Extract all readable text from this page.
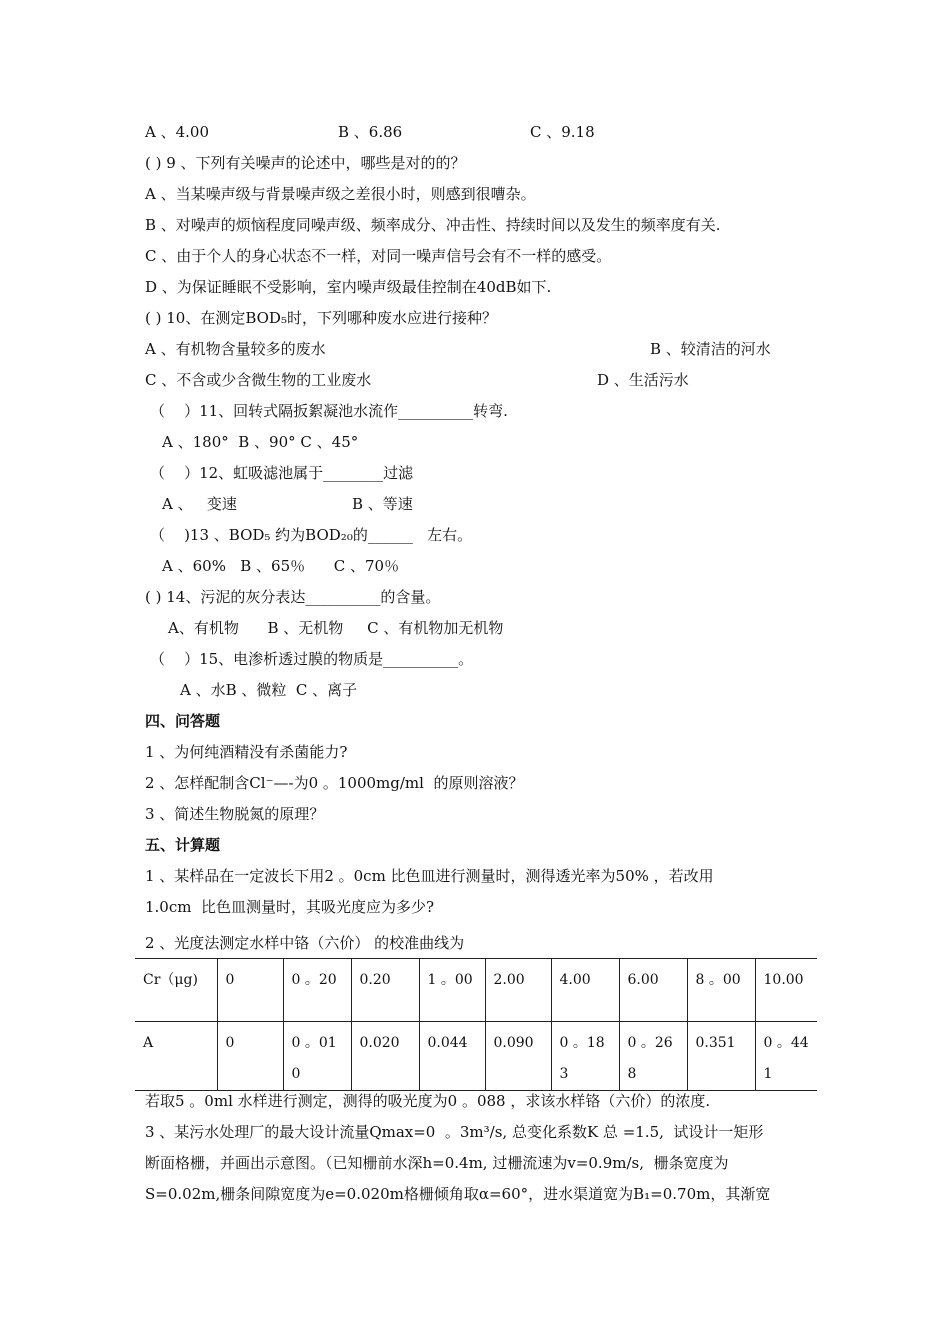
A 、4.00	B 、6.86	C 、9.18
( ) 9 、下列有关噪声的论述中，哪些是对的的？
A 、当某噪声级与背景噪声级之差很小时，则感到很嘈杂。
B 、对噪声的烦恼程度同噪声级、频率成分、冲击性、持续时间以及发生的频率度有关.
C 、由于个人的身心状态不一样，对同一噪声信号会有不一样的感受。
D 、为保证睡眠不受影响，室内噪声级最佳控制在40dB如下.
( ) 10、在测定BOD₅时，下列哪种废水应进行接种？
A 、有机物含量较多的废水	B 、较清洁的河水
C 、不含或少含微生物的工业废水	D 、生活污水
（    ）11、回转式隔扳絮凝池水流作__________转弯.
A 、180°  B 、90° C 、45°
（    ）12、虹吸滤池属于________过滤
A 、   变速	B 、等速
（    )13 、BOD₅ 约为BOD₂₀的______   左右。
A 、60%   B 、65％      C 、70％
( ) 14、污泥的灰分表达__________的含量。
A、有机物      B 、无机物     C 、有机物加无机物
（    ）15、电渗析透过膜的物质是__________。
A 、水B 、微粒  C 、离子
四、问答题
1 、为何纯酒精没有杀菌能力?
2 、怎样配制含Cl⁻—-为0 。1000mg/ml  的原则溶液？
3 、简述生物脱氮的原理？
五、计算题
1 、某样品在一定波长下用2 。0cm 比色皿进行测量时，测得透光率为50% ，若改用
1.0cm  比色皿测量时，其吸光度应为多少?
2 、光度法测定水样中铬（六价） 的校准曲线为
Cr（μg)	0	0 。20	0.20	1 。00	2.00	4.00	6.00	8 。00	10.00
A	0	0 。010	0.020	0.044	0.090	0 。183	0 。268	0.351	0 。441
若取5 。0ml 水样进行测定，测得的吸光度为0 。088 ，求该水样铬（六价）的浓度.
3 、某污水处理厂的最大设计流量Qmax=0  。3m³/s, 总变化系数K 总 =1.5,  试设计一矩形
断面格栅，并画出示意图。（已知栅前水深h=0.4m, 过栅流速为v=0.9m/s,  栅条宽度为
S=0.02m,栅条间隙宽度为e=0.020m格栅倾角取α=60°，进水渠道宽为B₁=0.70m，其渐宽
